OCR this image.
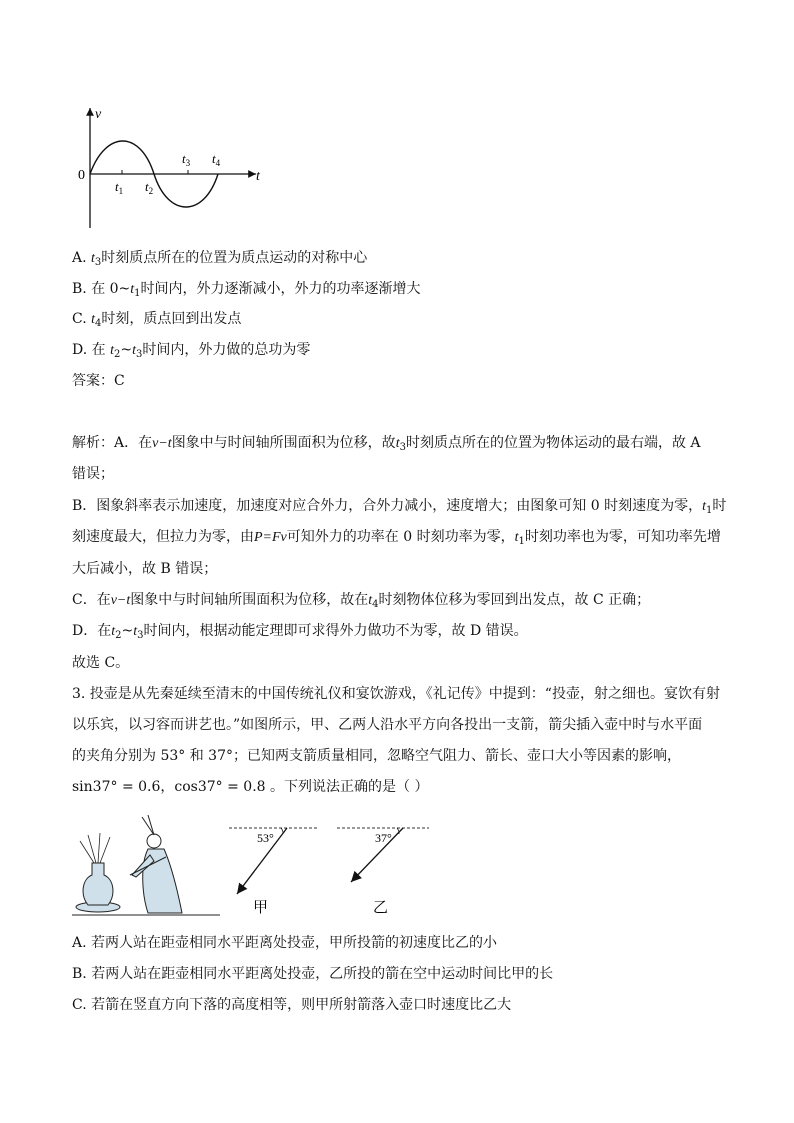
v
t
0
$t_1$ $t_2$
$t_3$ $t_4$
A. $t_3$时刻质点所在的位置为质点运动的对称中心
B. 在 $0\sim t_1$时间内，外力逐渐减小，外力的功率逐渐增大
C. $t_4$时刻，质点回到出发点
D. 在 $t_2\sim t_3$时间内，外力做的总功为零
答案：C
解析：A．在v−t图象中与时间轴所围面积为位移，故$t_3$时刻质点所在的位置为物体运动的最右端，故 A
错误；
B．图象斜率表示加速度，加速度对应合外力，合外力减小，速度增大；由图象可知 0 时刻速度为零，$t_1$时
刻速度最大，但拉力为零，由P=Fv可知外力的功率在 0 时刻功率为零，$t_1$时刻功率也为零，可知功率先增
大后减小，故 B 错误；
C．在v−t图象中与时间轴所围面积为位移，故在$t_4$时刻物体位移为零回到出发点，故 C 正确；
D．在$t_2\sim t_3$时间内，根据动能定理即可求得外力做功不为零，故 D 错误。
故选 C。
3. 投壶是从先秦延续至清末的中国传统礼仪和宴饮游戏，《礼记传》中提到：“投壶，射之细也。宴饮有射
以乐宾，以习容而讲艺也。”如图所示，甲、乙两人沿水平方向各投出一支箭，箭尖插入壶中时与水平面
的夹角分别为 53° 和 37°；已知两支箭质量相同，忽略空气阻力、箭长、壶口大小等因素的影响，
sin37° = 0.6，cos37° = 0.8 。下列说法正确的是（ ）
53°
甲
37°
乙
A. 若两人站在距壶相同水平距离处投壶，甲所投箭的初速度比乙的小
B. 若两人站在距壶相同水平距离处投壶，乙所投的箭在空中运动时间比甲的长
C. 若箭在竖直方向下落的高度相等，则甲所射箭落入壶口时速度比乙大
